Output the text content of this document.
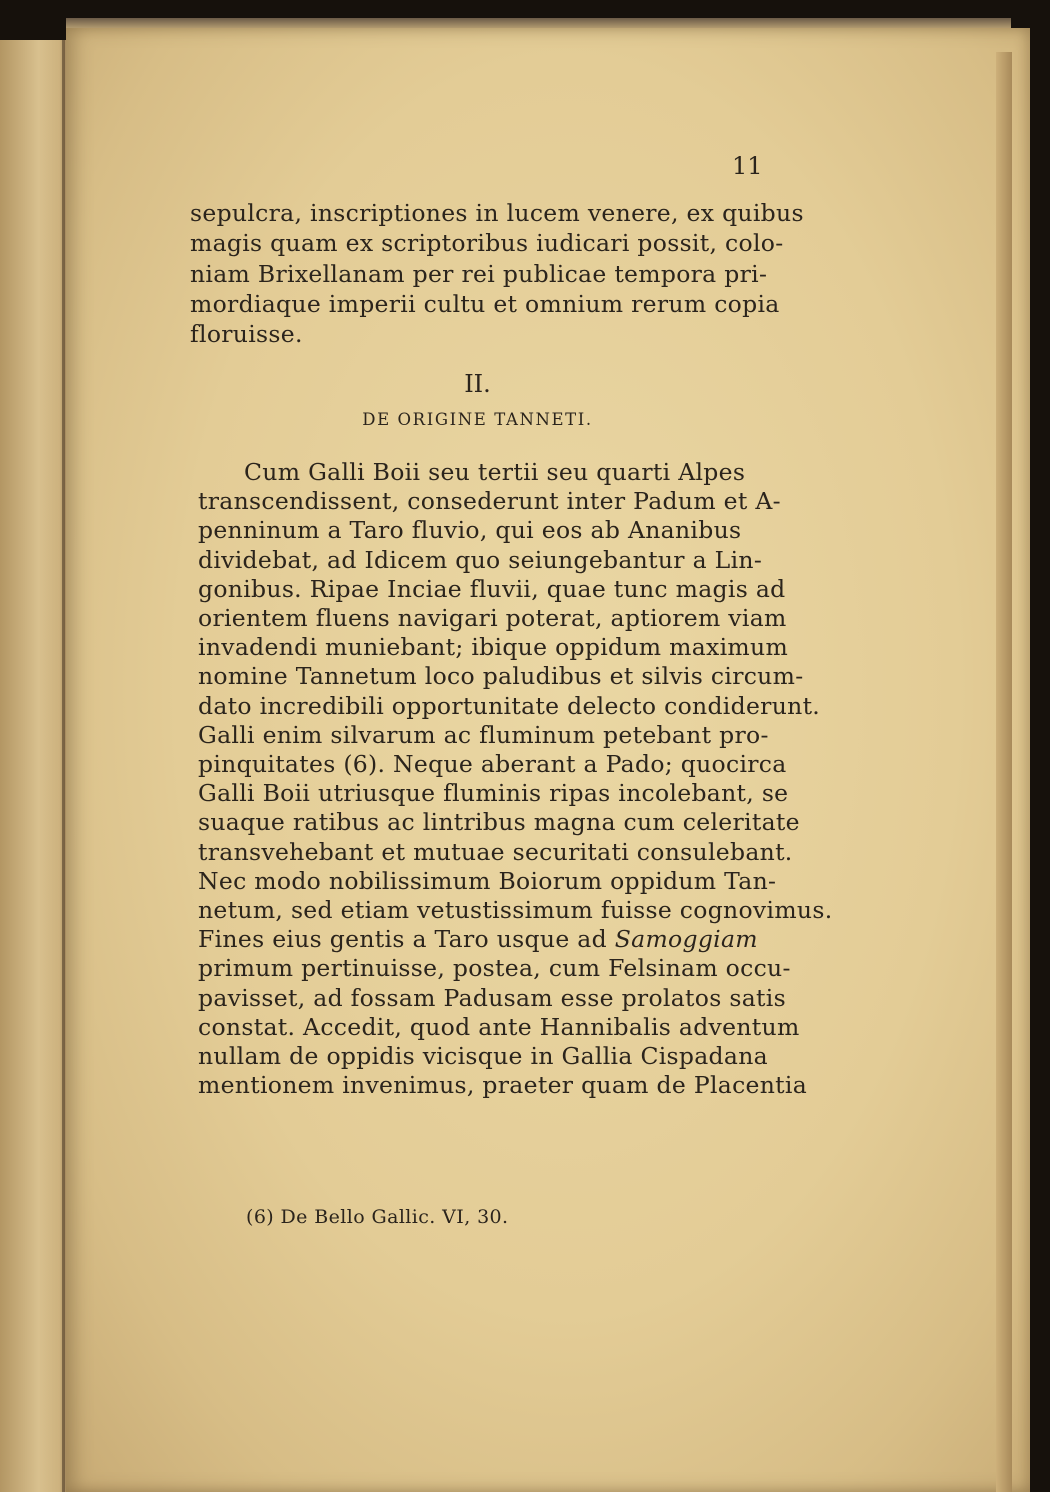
11

sepulcra, inscriptiones in lucem venere, ex quibus
magis quam ex scriptoribus iudicari possit, colo-
niam Brixellanam per rei publicae tempora pri-
mordiaque imperii cultu et omnium rerum copia
floruisse.

II.
DE ORIGINE TANNETI.

Cum Galli Boii seu tertii seu quarti Alpes
transcendissent, consederunt inter Padum et A-
penninum a Taro fluvio, qui eos ab Ananibus
dividebat, ad Idicem quo seiungebantur a Lin-
gonibus. Ripae Inciae fluvii, quae tunc magis ad
orientem fluens navigari poterat, aptiorem viam
invadendi muniebant; ibique oppidum maximum
nomine Tannetum loco paludibus et silvis circum-
dato incredibili opportunitate delecto condiderunt.
Galli enim silvarum ac fluminum petebant pro-
pinquitates (6). Neque aberant a Pado; quocirca
Galli Boii utriusque fluminis ripas incolebant, se
suaque ratibus ac lintribus magna cum celeritate
transvehebant et mutuae securitati consulebant.
Nec modo nobilissimum Boiorum oppidum Tan-
netum, sed etiam vetustissimum fuisse cognovimus.
Fines eius gentis a Taro usque ad Samoggiam
primum pertinuisse, postea, cum Felsinam occu-
pavisset, ad fossam Padusam esse prolatos satis
constat. Accedit, quod ante Hannibalis adventum
nullam de oppidis vicisque in Gallia Cispadana
mentionem invenimus, praeter quam de Placentia

(6) De Bello Gallic. VI, 30.
